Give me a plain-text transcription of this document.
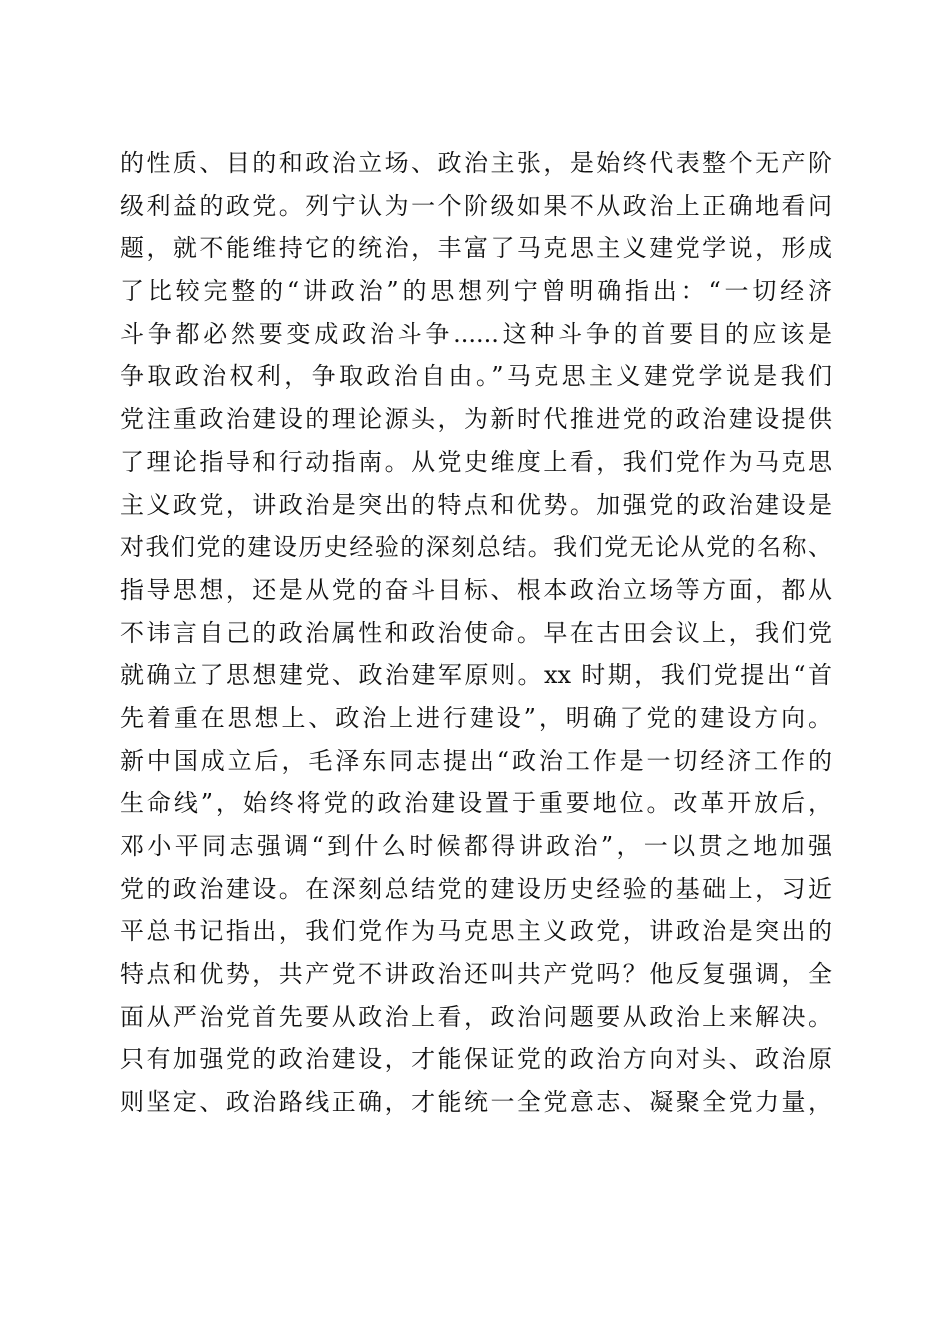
的性质、目的和政治立场、政治主张，是始终代表整个无产阶
级利益的政党。列宁认为一个阶级如果不从政治上正确地看问
题，就不能维持它的统治，丰富了马克思主义建党学说，形成
了比较完整的“讲政治”的思想列宁曾明确指出：“一切经济
斗争都必然要变成政治斗争......这种斗争的首要目的应该是
争取政治权利，争取政治自由。”马克思主义建党学说是我们
党注重政治建设的理论源头，为新时代推进党的政治建设提供
了理论指导和行动指南。从党史维度上看，我们党作为马克思
主义政党，讲政治是突出的特点和优势。加强党的政治建设是
对我们党的建设历史经验的深刻总结。我们党无论从党的名称、
指导思想，还是从党的奋斗目标、根本政治立场等方面，都从
不讳言自己的政治属性和政治使命。早在古田会议上，我们党
就确立了思想建党、政治建军原则。xx 时期，我们党提出“首
先着重在思想上、政治上进行建设”，明确了党的建设方向。
新中国成立后，毛泽东同志提出“政治工作是一切经济工作的
生命线”，始终将党的政治建设置于重要地位。改革开放后，
邓小平同志强调“到什么时候都得讲政治”，一以贯之地加强
党的政治建设。在深刻总结党的建设历史经验的基础上，习近
平总书记指出，我们党作为马克思主义政党，讲政治是突出的
特点和优势，共产党不讲政治还叫共产党吗？他反复强调，全
面从严治党首先要从政治上看，政治问题要从政治上来解决。
只有加强党的政治建设，才能保证党的政治方向对头、政治原
则坚定、政治路线正确，才能统一全党意志、凝聚全党力量，
